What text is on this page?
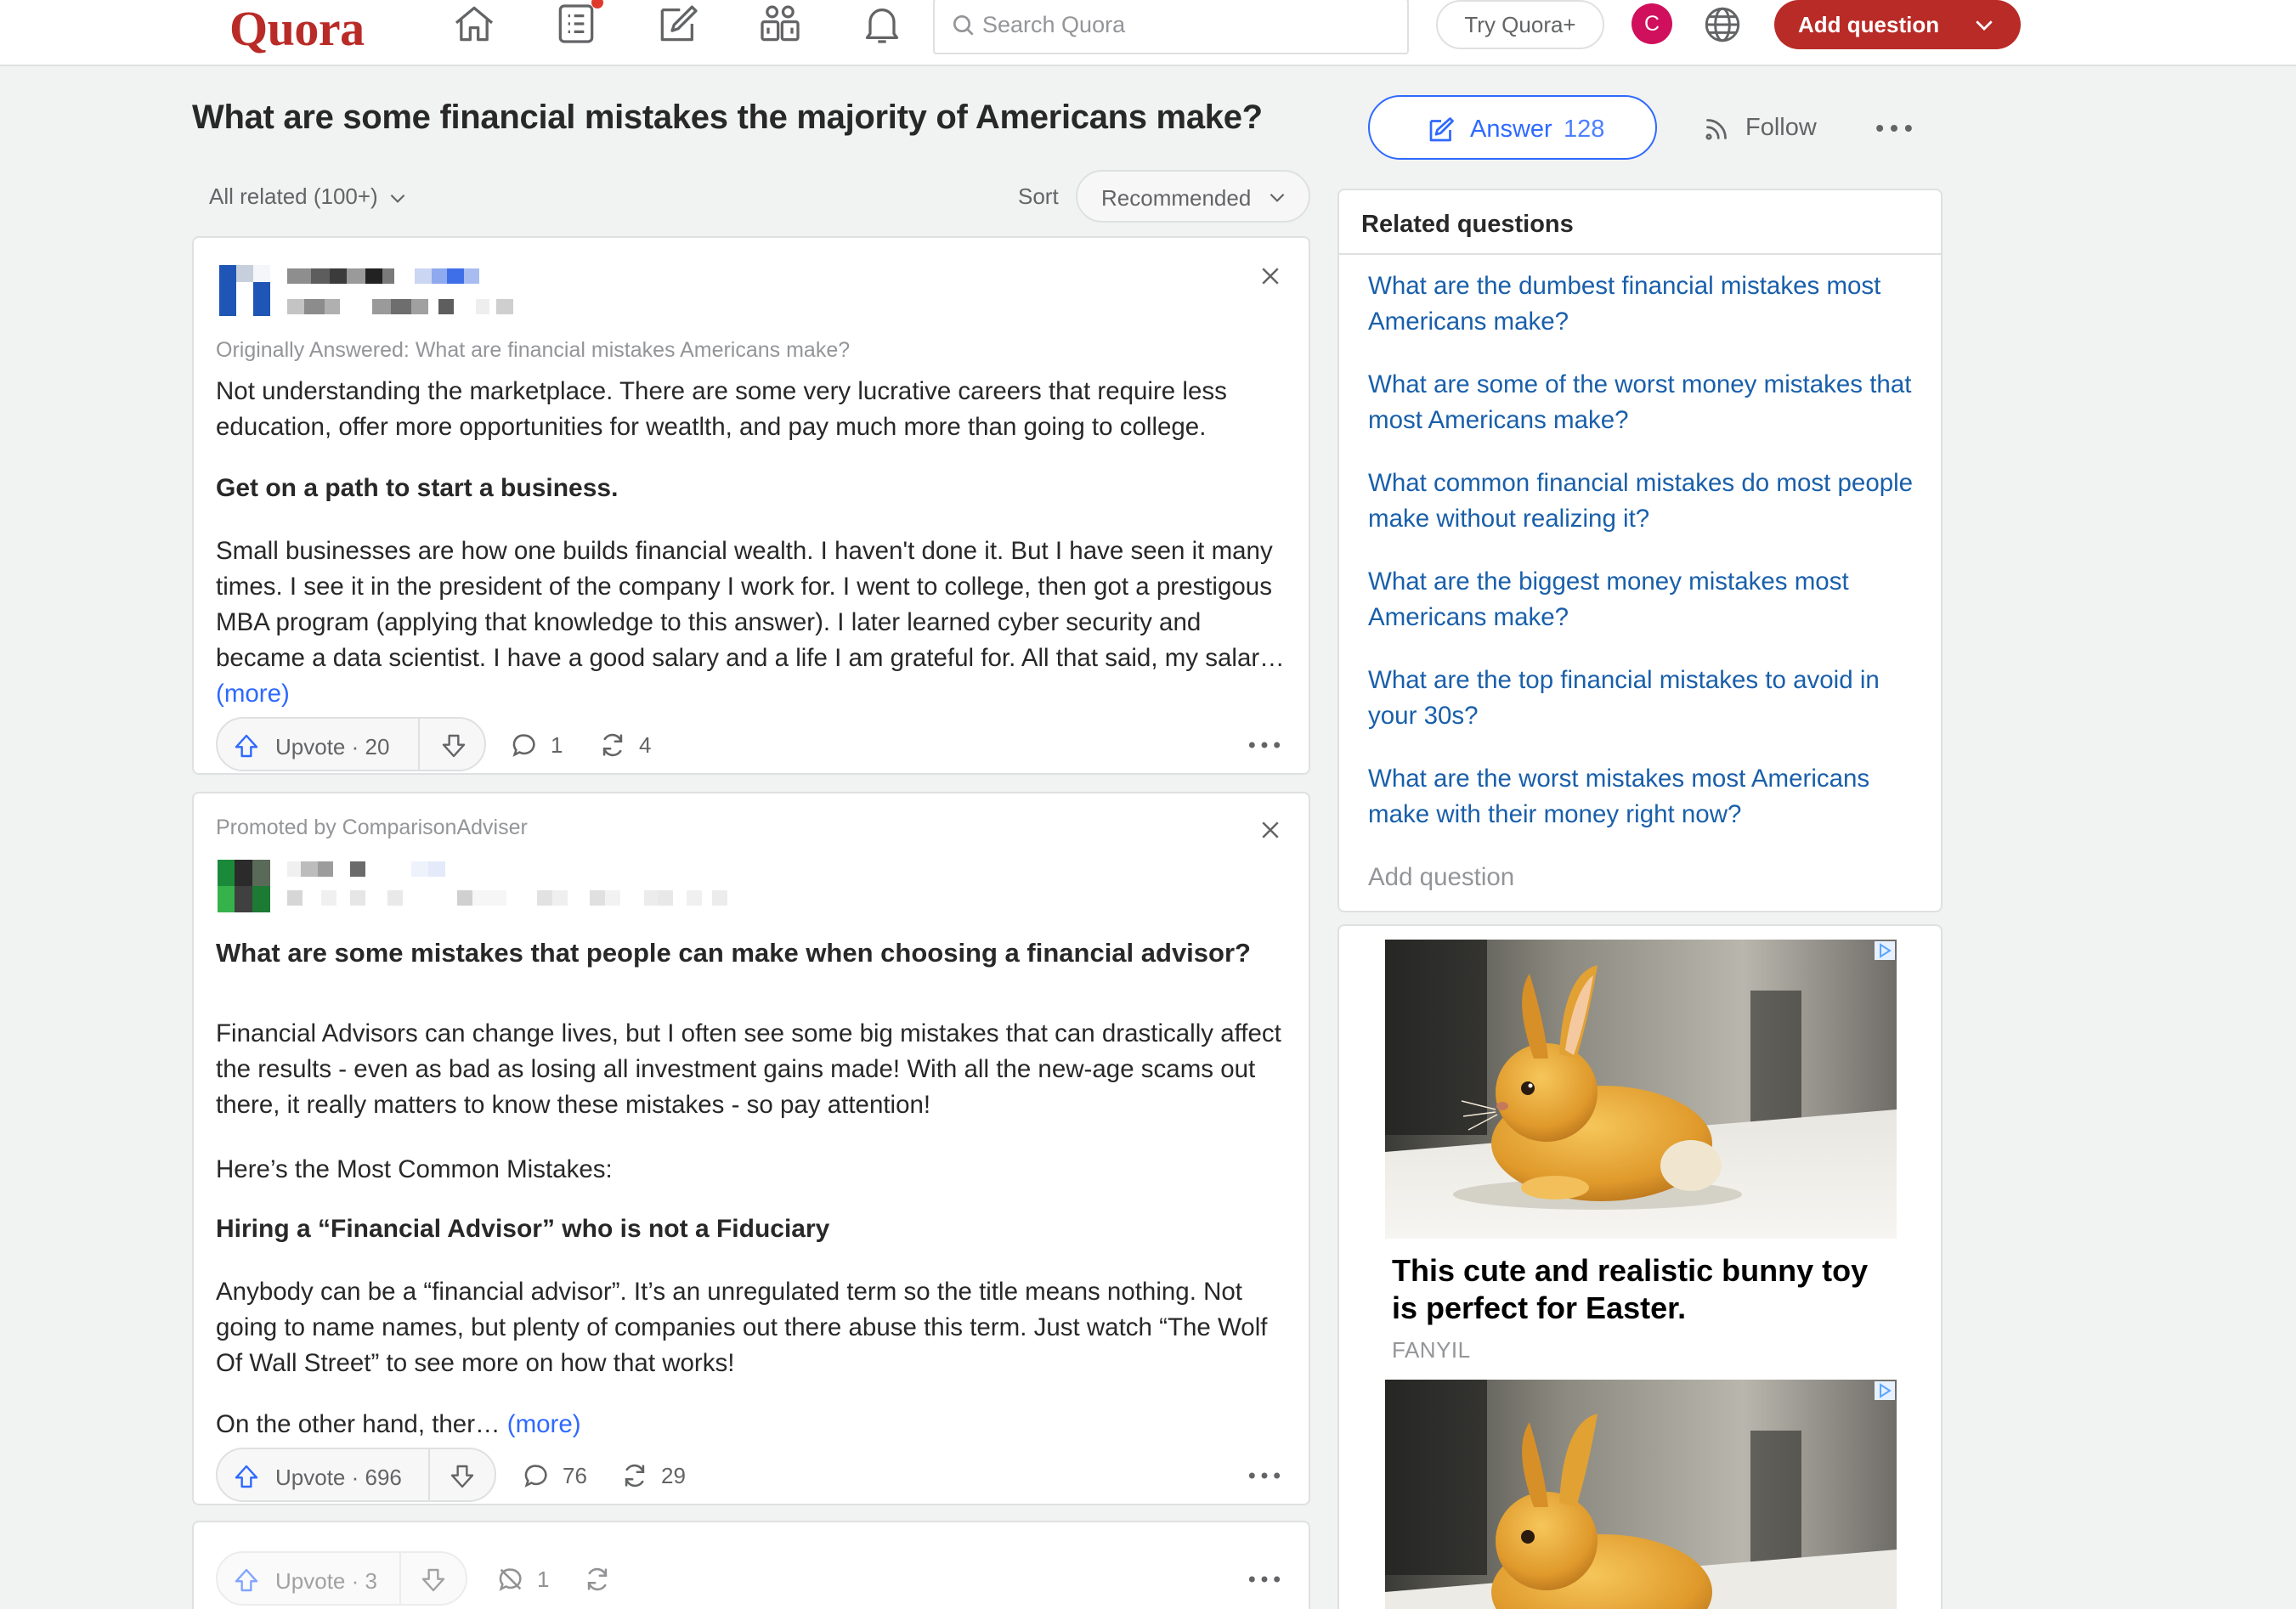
Quora
Search Quora	Try Quora+	C	Add question
What are some financial mistakes the majority of Americans make?	Answer 128	Follow
All related (100+)	Sort Recommended
Originally Answered: What are financial mistakes Americans make?
Not understanding the marketplace. There are some very lucrative careers that require less education, offer more opportunities for weatlth, and pay much more than going to college.
Get on a path to start a business.
Small businesses are how one builds financial wealth. I haven't done it. But I have seen it many times. I see it in the president of the company I work for. I went to college, then got a prestigous MBA program (applying that knowledge to this answer). I later learned cyber security and became a data scientist. I have a good salary and a life I am grateful for. All that said, my salar… (more)
Upvote · 20	1	4
Promoted by ComparisonAdviser
What are some mistakes that people can make when choosing a financial advisor?
Financial Advisors can change lives, but I often see some big mistakes that can drastically affect the results - even as bad as losing all investment gains made! With all the new-age scams out there, it really matters to know these mistakes - so pay attention!
Here’s the Most Common Mistakes:
Hiring a “Financial Advisor” who is not a Fiduciary
Anybody can be a “financial advisor”. It’s an unregulated term so the title means nothing. Not going to name names, but plenty of companies out there abuse this term. Just watch “The Wolf Of Wall Street” to see more on how that works!
On the other hand, ther… (more)
Upvote · 696	76	29
Upvote · 3	1
Related questions
What are the dumbest financial mistakes most Americans make?
What are some of the worst money mistakes that most Americans make?
What common financial mistakes do most people make without realizing it?
What are the biggest money mistakes most Americans make?
What are the top financial mistakes to avoid in your 30s?
What are the worst mistakes most Americans make with their money right now?
Add question
This cute and realistic bunny toy is perfect for Easter.
FANYIL
